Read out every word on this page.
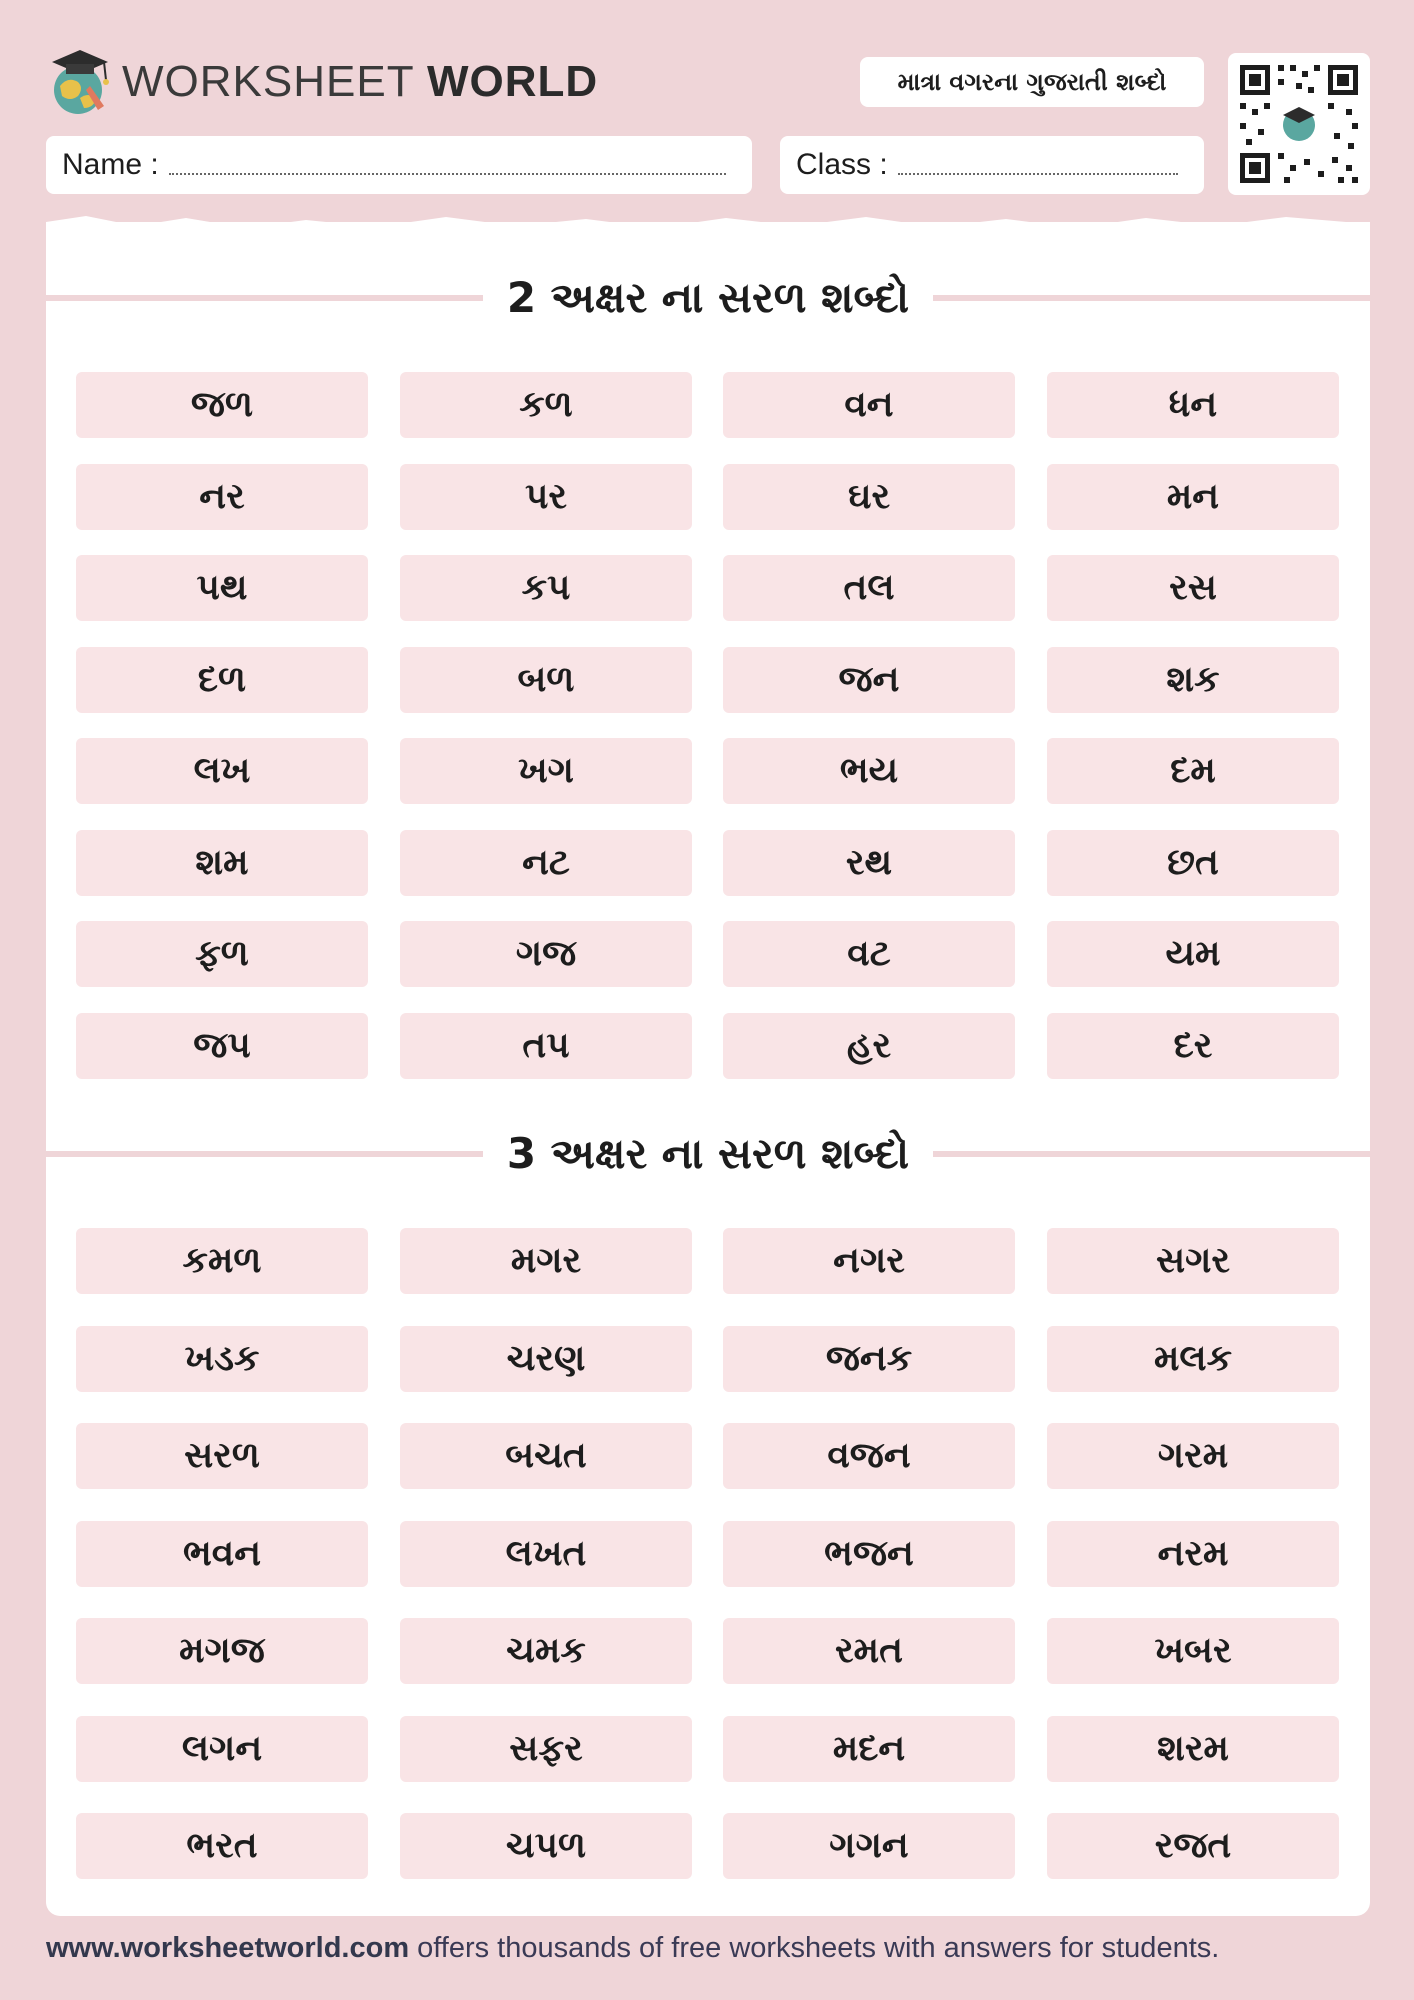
WORKSHEET WORLD	માત્રા વગરના ગુજરાતી શબ્દો
Name :	Class :
2 અક્ષર ના સરળ શબ્દો
જળ	કળ	વન	ધન
નર	પર	ઘર	મન
પથ	કપ	તલ	રસ
દળ	બળ	જન	શક
લખ	ખગ	ભય	દમ
શમ	નટ	રથ	છત
ફળ	ગજ	વટ	યમ
જપ	તપ	હર	દર
3 અક્ષર ના સરળ શબ્દો
કમળ	મગર	નગર	સગર
ખડક	ચરણ	જનક	મલક
સરળ	બચત	વજન	ગરમ
ભવન	લખત	ભજન	નરમ
મગજ	ચમક	રમત	ખબર
લગન	સફર	મદન	શરમ
ભરત	ચપળ	ગગન	રજત
www.worksheetworld.com offers thousands of free worksheets with answers for students.
